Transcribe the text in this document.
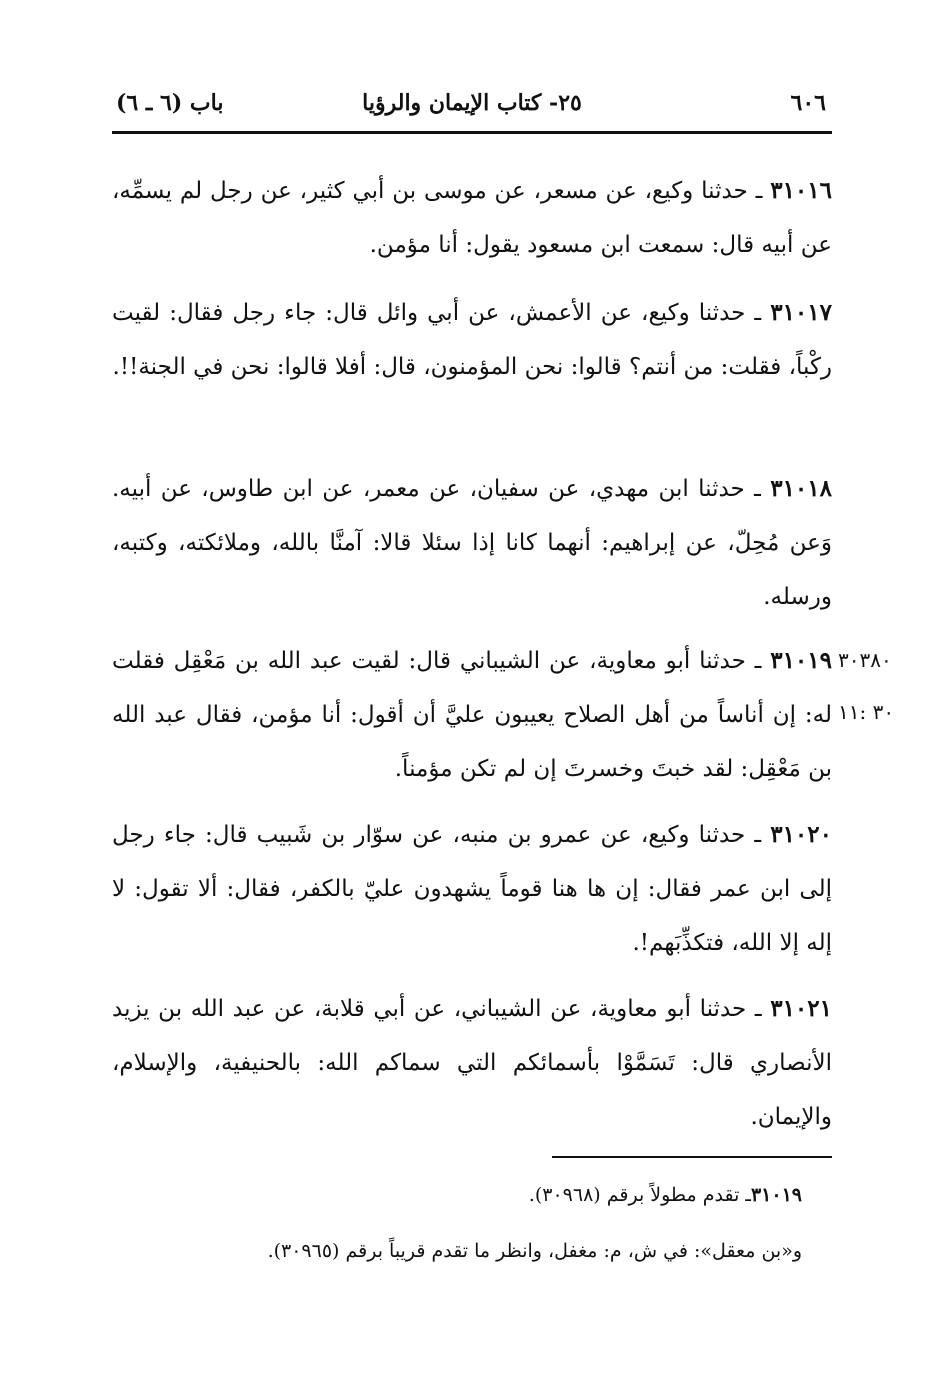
٦٠٦
٢٥- كتاب الإيمان والرؤيا
باب (٦ ـ ٦)
٣١٠١٦ ـ حدثنا وكيع، عن مسعر، عن موسى بن أبي كثير، عن رجل لم يسمِّه، عن أبيه قال: سمعت ابن مسعود يقول: أنا مؤمن.
٣١٠١٧ ـ حدثنا وكيع، عن الأعمش، عن أبي وائل قال: جاء رجل فقال: لقيت ركْباً، فقلت: من أنتم؟ قالوا: نحن المؤمنون، قال: أفلا قالوا: نحن في الجنة!!.
٣١٠١٨ ـ حدثنا ابن مهدي، عن سفيان، عن معمر، عن ابن طاوس، عن أبيه. وَعن مُحِلّ، عن إبراهيم: أنهما كانا إذا سئلا قالا: آمنَّا بالله، وملائكته، وكتبه، ورسله.
٣٠٣٨٠
٣٠ :١١
٣١٠١٩ ـ حدثنا أبو معاوية، عن الشيباني قال: لقيت عبد الله بن مَعْقِل فقلت له: إن أناساً من أهل الصلاح يعيبون عليَّ أن أقول: أنا مؤمن، فقال عبد الله بن مَعْقِل: لقد خبتَ وخسرتَ إن لم تكن مؤمناً.
٣١٠٢٠ ـ حدثنا وكيع، عن عمرو بن منبه، عن سوّار بن شَبيب قال: جاء رجل إلى ابن عمر فقال: إن ها هنا قوماً يشهدون عليّ بالكفر، فقال: ألا تقول: لا إله إلا الله، فتكذِّبَهم!.
٣١٠٢١ ـ حدثنا أبو معاوية، عن الشيباني، عن أبي قلابة، عن عبد الله بن يزيد الأنصاري قال: تَسَمَّوْا بأسمائكم التي سماكم الله: بالحنيفية، والإسلام، والإيمان.
٣١٠١٩ـ تقدم مطولاً برقم (٣٠٩٦٨).
و«بن معقل»: في ش، م: مغفل، وانظر ما تقدم قريباً برقم (٣٠٩٦٥).
